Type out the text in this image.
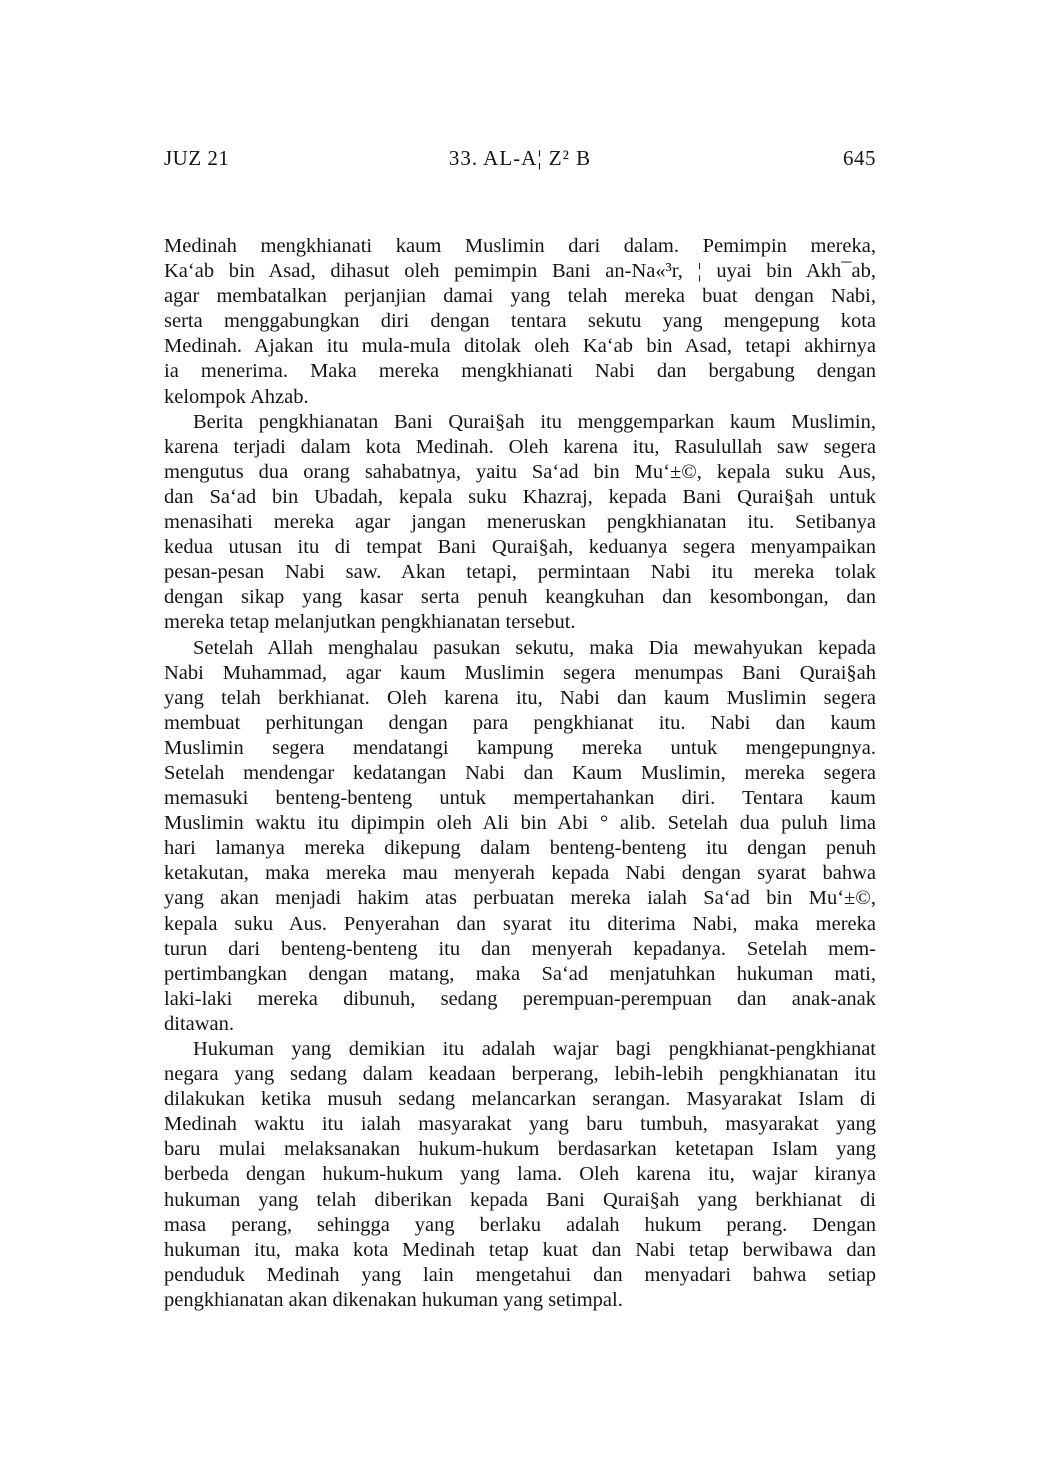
JUZ 21	33. AL-A¦ Z² B	645
Medinah mengkhianati kaum Muslimin dari dalam. Pemimpin mereka,
Ka‘ab bin Asad, dihasut oleh pemimpin Bani an-Na«³r, ¦ uyai bin Akh¯ab,
agar membatalkan perjanjian damai yang telah mereka buat dengan Nabi,
serta menggabungkan diri dengan tentara sekutu yang mengepung kota
Medinah. Ajakan itu mula-mula ditolak oleh Ka‘ab bin Asad, tetapi akhirnya
ia menerima. Maka mereka mengkhianati Nabi dan bergabung dengan
kelompok Ahzab.
Berita pengkhianatan Bani Qurai§ah itu menggemparkan kaum Muslimin,
karena terjadi dalam kota Medinah. Oleh karena itu, Rasulullah saw segera
mengutus dua orang sahabatnya, yaitu Sa‘ad bin Mu‘±©, kepala suku Aus,
dan Sa‘ad bin Ubadah, kepala suku Khazraj, kepada Bani Qurai§ah untuk
menasihati mereka agar jangan meneruskan pengkhianatan itu. Setibanya
kedua utusan itu di tempat Bani Qurai§ah, keduanya segera menyampaikan
pesan-pesan Nabi saw. Akan tetapi, permintaan Nabi itu mereka tolak
dengan sikap yang kasar serta penuh keangkuhan dan kesombongan, dan
mereka tetap melanjutkan pengkhianatan tersebut.
Setelah Allah menghalau pasukan sekutu, maka Dia mewahyukan kepada
Nabi Muhammad, agar kaum Muslimin segera menumpas Bani Qurai§ah
yang telah berkhianat. Oleh karena itu, Nabi dan kaum Muslimin segera
membuat perhitungan dengan para pengkhianat itu. Nabi dan kaum
Muslimin segera mendatangi kampung mereka untuk mengepungnya.
Setelah mendengar kedatangan Nabi dan Kaum Muslimin, mereka segera
memasuki benteng-benteng untuk mempertahankan diri. Tentara kaum
Muslimin waktu itu dipimpin oleh Ali bin Abi ° alib. Setelah dua puluh lima
hari lamanya mereka dikepung dalam benteng-benteng itu dengan penuh
ketakutan, maka mereka mau menyerah kepada Nabi dengan syarat bahwa
yang akan menjadi hakim atas perbuatan mereka ialah Sa‘ad bin Mu‘±©,
kepala suku Aus. Penyerahan dan syarat itu diterima Nabi, maka mereka
turun dari benteng-benteng itu dan menyerah kepadanya. Setelah mem-
pertimbangkan dengan matang, maka Sa‘ad menjatuhkan hukuman mati,
laki-laki mereka dibunuh, sedang perempuan-perempuan dan anak-anak
ditawan.
Hukuman yang demikian itu adalah wajar bagi pengkhianat-pengkhianat
negara yang sedang dalam keadaan berperang, lebih-lebih pengkhianatan itu
dilakukan ketika musuh sedang melancarkan serangan. Masyarakat Islam di
Medinah waktu itu ialah masyarakat yang baru tumbuh, masyarakat yang
baru mulai melaksanakan hukum-hukum berdasarkan ketetapan Islam yang
berbeda dengan hukum-hukum yang lama. Oleh karena itu, wajar kiranya
hukuman yang telah diberikan kepada Bani Qurai§ah yang berkhianat di
masa perang, sehingga yang berlaku adalah hukum perang. Dengan
hukuman itu, maka kota Medinah tetap kuat dan Nabi tetap berwibawa dan
penduduk Medinah yang lain mengetahui dan menyadari bahwa setiap
pengkhianatan akan dikenakan hukuman yang setimpal.
